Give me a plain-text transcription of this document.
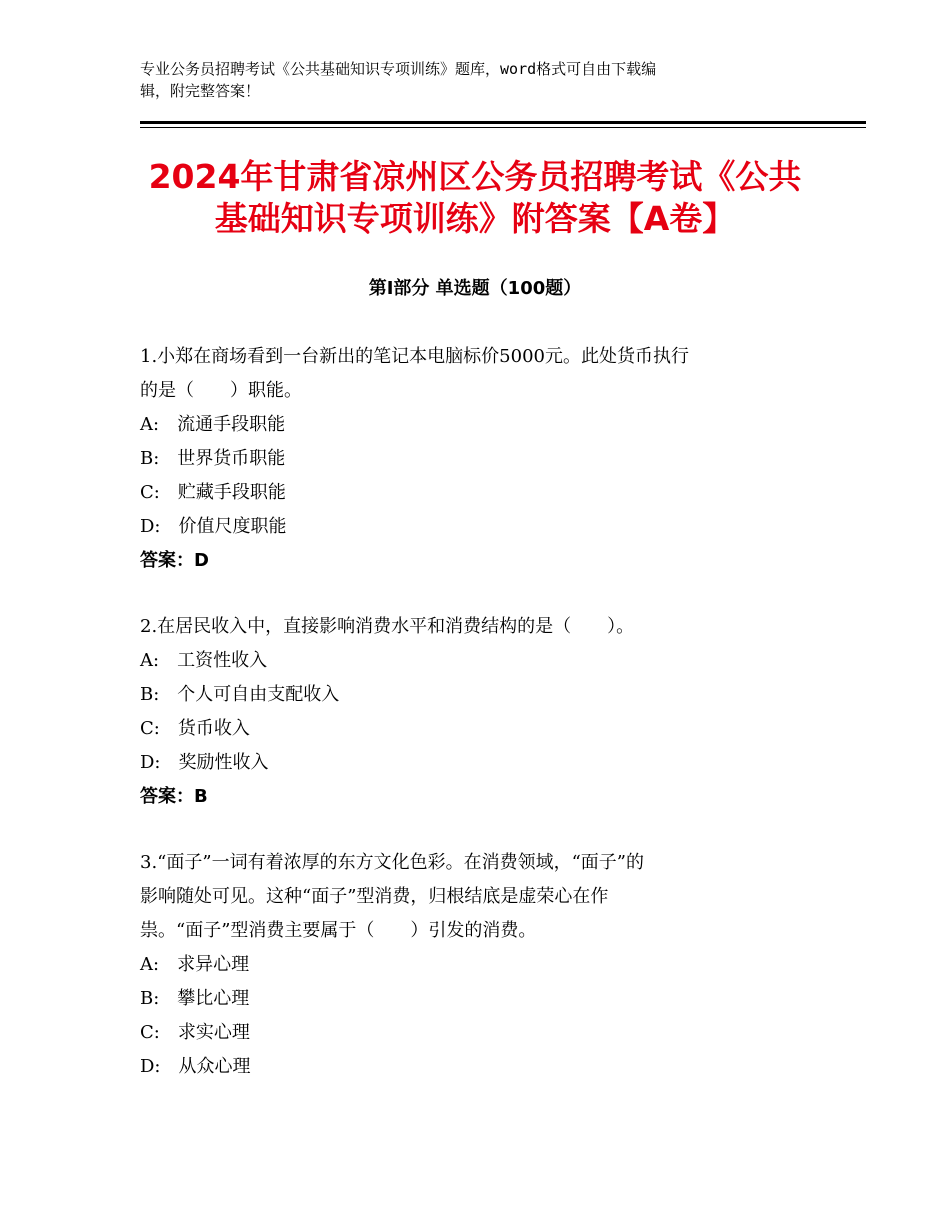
专业公务员招聘考试《公共基础知识专项训练》题库，word格式可自由下载编
辑，附完整答案！
2024年甘肃省凉州区公务员招聘考试《公共
基础知识专项训练》附答案【A卷】
第Ⅰ部分 单选题（100题）
1.小郑在商场看到一台新出的笔记本电脑标价5000元。此处货币执行
的是（　　）职能。
A:　流通手段职能
B:　世界货币职能
C:　贮藏手段职能
D:　价值尺度职能
答案：D
2.在居民收入中，直接影响消费水平和消费结构的是（　　）。
A:　工资性收入
B:　个人可自由支配收入
C:　货币收入
D:　奖励性收入
答案：B
3.“面子”一词有着浓厚的东方文化色彩。在消费领域，“面子”的
影响随处可见。这种“面子”型消费，归根结底是虚荣心在作
祟。“面子”型消费主要属于（　　）引发的消费。
A:　求异心理
B:　攀比心理
C:　求实心理
D:　从众心理
